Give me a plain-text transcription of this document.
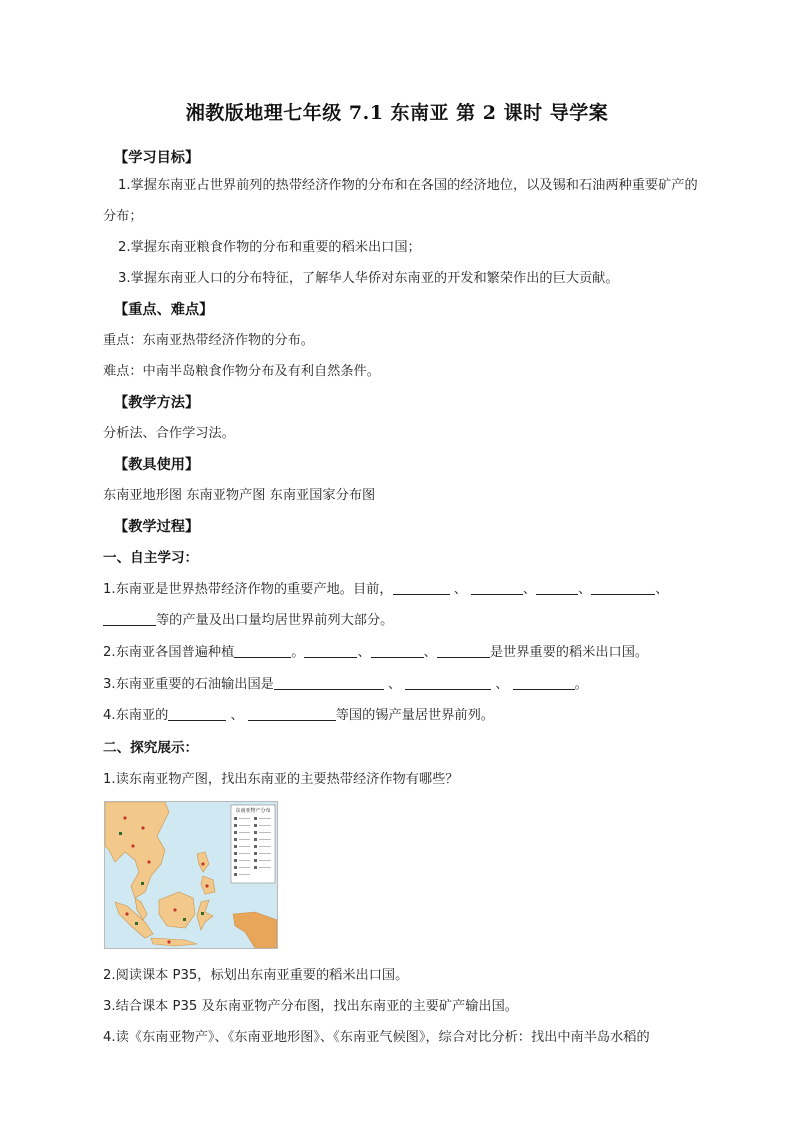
湘教版地理七年级 7.1 东南亚 第 2 课时 导学案
【学习目标】
1.掌握东南亚占世界前列的热带经济作物的分布和在各国的经济地位，以及锡和石油两种重要矿产的
分布；
2.掌握东南亚粮食作物的分布和重要的稻米出口国；
3.掌握东南亚人口的分布特征，了解华人华侨对东南亚的开发和繁荣作出的巨大贡献。
【重点、难点】
重点：东南亚热带经济作物的分布。
难点：中南半岛粮食作物分布及有利自然条件。
【教学方法】
分析法、合作学习法。
【教具使用】
东南亚地形图 东南亚物产图 东南亚国家分布图
【教学过程】
一、自主学习：
1.东南亚是世界热带经济作物的重要产地。目前，	、	、	、	、
等的产量及出口量均居世界前列大部分。
2.东南亚各国普遍种植	。	、	、	是世界重要的稻米出口国。
3.东南亚重要的石油输出国是	、	、	。
4.东南亚的	、	等国的锡产量居世界前列。
二、探究展示：
1.读东南亚物产图，找出东南亚的主要热带经济作物有哪些？
东南亚物产分布
2.阅读课本 P35，标划出东南亚重要的稻米出口国。
3.结合课本 P35 及东南亚物产分布图，找出东南亚的主要矿产输出国。
4.读《东南亚物产》、《东南亚地形图》、《东南亚气候图》，综合对比分析：找出中南半岛水稻的
